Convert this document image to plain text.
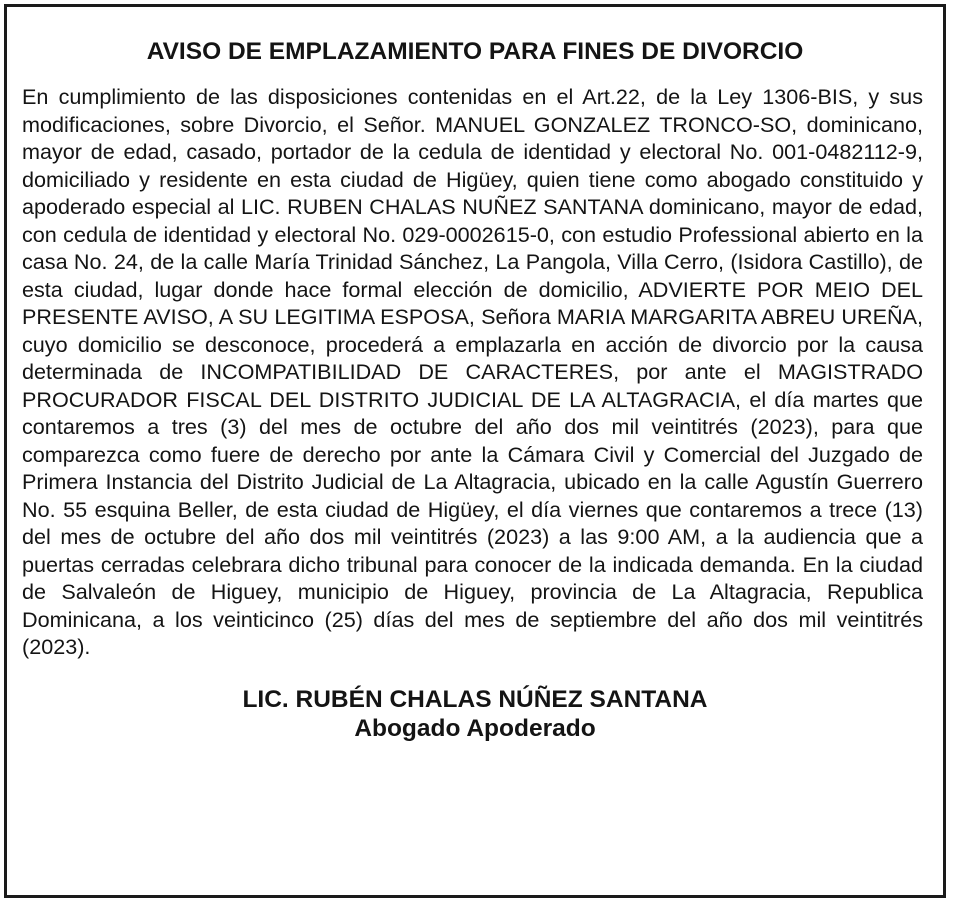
AVISO DE EMPLAZAMIENTO PARA FINES DE DIVORCIO
En cumplimiento de las disposiciones contenidas en el Art.22, de la Ley 1306-BIS, y sus modificaciones, sobre Divorcio, el Señor. MANUEL GONZALEZ TRONCO-SO, dominicano, mayor de edad, casado, portador de la cedula de identidad y electoral No. 001-0482112-9, domiciliado y residente en esta ciudad de Higüey, quien tiene como abogado constituido y apoderado especial al LIC. RUBEN CHALAS NUÑEZ SANTANA dominicano, mayor de edad, con cedula de identidad y electoral No. 029-0002615-0, con estudio Professional abierto en la casa No. 24, de la calle María Trinidad Sánchez, La Pangola, Villa Cerro, (Isidora Castillo), de esta ciudad, lugar donde hace formal elección de domicilio, ADVIERTE POR MEIO DEL PRESENTE AVISO, A SU LEGITIMA ESPOSA, Señora MARIA MARGARITA ABREU UREÑA, cuyo domicilio se desconoce, procederá a emplazarla en acción de divorcio por la causa determinada de INCOMPATIBILIDAD DE CARACTERES, por ante el MAGISTRADO PROCURADOR FISCAL DEL DISTRITO JUDICIAL DE LA ALTAGRACIA, el día martes que contaremos a tres (3) del mes de octubre del año dos mil veintitrés (2023), para que comparezca como fuere de derecho por ante la Cámara Civil y Comercial del Juzgado de Primera Instancia del Distrito Judicial de La Altagracia, ubicado en la calle Agustín Guerrero No. 55 esquina Beller, de esta ciudad de Higüey, el día viernes que contaremos a trece (13) del mes de octubre del año dos mil veintitrés (2023) a las 9:00 AM, a la audiencia que a puertas cerradas celebrara dicho tribunal para conocer de la indicada demanda. En la ciudad de Salvaleón de Higuey, municipio de Higuey, provincia de La Altagracia, Republica Dominicana, a los veinticinco (25) días del mes de septiembre del año dos mil veintitrés (2023).
LIC. RUBÉN CHALAS NÚÑEZ SANTANA
Abogado Apoderado
